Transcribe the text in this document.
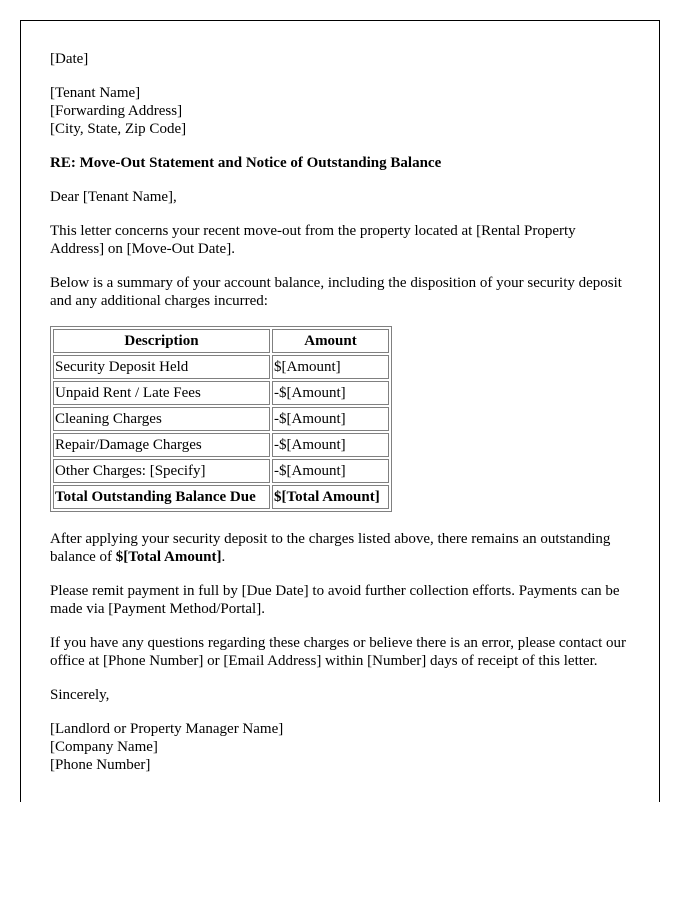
[Date]

[Tenant Name]
[Forwarding Address]
[City, State, Zip Code]

RE: Move-Out Statement and Notice of Outstanding Balance

Dear [Tenant Name],

This letter concerns your recent move-out from the property located at [Rental Property Address] on [Move-Out Date].

Below is a summary of your account balance, including the disposition of your security deposit and any additional charges incurred:

Description	Amount
Security Deposit Held	$[Amount]
Unpaid Rent / Late Fees	-$[Amount]
Cleaning Charges	-$[Amount]
Repair/Damage Charges	-$[Amount]
Other Charges: [Specify]	-$[Amount]
Total Outstanding Balance Due	$[Total Amount]

After applying your security deposit to the charges listed above, there remains an outstanding balance of $[Total Amount].

Please remit payment in full by [Due Date] to avoid further collection efforts. Payments can be made via [Payment Method/Portal].

If you have any questions regarding these charges or believe there is an error, please contact our office at [Phone Number] or [Email Address] within [Number] days of receipt of this letter.

Sincerely,

[Landlord or Property Manager Name]
[Company Name]
[Phone Number]
